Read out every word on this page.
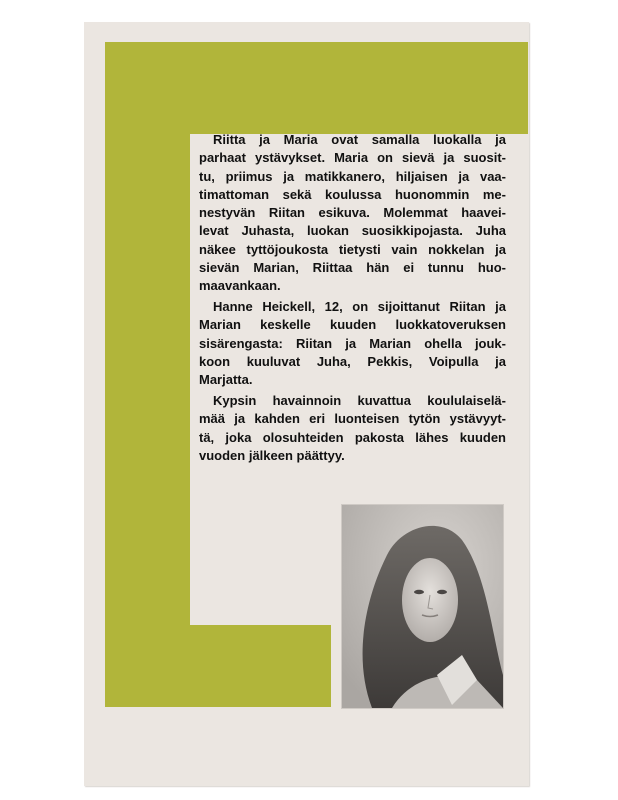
Riitta ja Maria ovat samalla luokalla ja
parhaat ystävykset. Maria on sievä ja suosit-
tu, priimus ja matikkanero, hiljaisen ja vaa-
timattoman sekä koulussa huonommin me-
nestyvän Riitan esikuva. Molemmat haavei-
levat Juhasta, luokan suosikkipojasta. Juha
näkee tyttöjoukosta tietysti vain nokkelan ja
sievän Marian, Riittaa hän ei tunnu huo-
maavankaan.
Hanne Heickell, 12, on sijoittanut Riitan ja
Marian keskelle kuuden luokkatoveruksen
sisärengasta: Riitan ja Marian ohella jouk-
koon kuuluvat Juha, Pekkis, Voipulla ja
Marjatta.
Kypsin havainnoin kuvattua koululaiselä-
mää ja kahden eri luonteisen tytön ystävyyt-
tä, joka olosuhteiden pakosta lähes kuuden
vuoden jälkeen päättyy.
